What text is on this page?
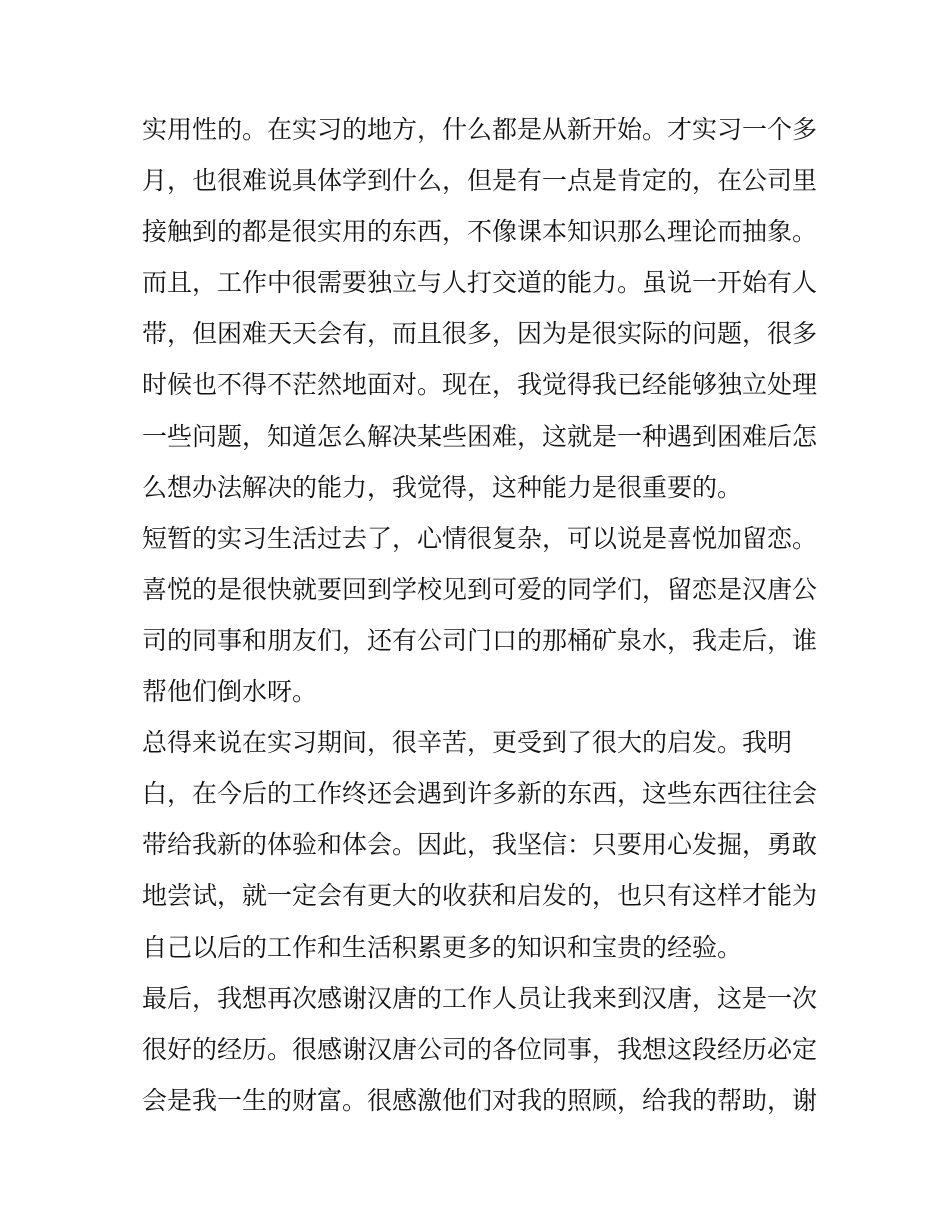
实用性的。在实习的地方，什么都是从新开始。才实习一个多
月，也很难说具体学到什么，但是有一点是肯定的，在公司里
接触到的都是很实用的东西，不像课本知识那么理论而抽象。
而且，工作中很需要独立与人打交道的能力。虽说一开始有人
带，但困难天天会有，而且很多，因为是很实际的问题，很多
时候也不得不茫然地面对。现在，我觉得我已经能够独立处理
一些问题，知道怎么解决某些困难，这就是一种遇到困难后怎
么想办法解决的能力，我觉得，这种能力是很重要的。
短暂的实习生活过去了，心情很复杂，可以说是喜悦加留恋。
喜悦的是很快就要回到学校见到可爱的同学们，留恋是汉唐公
司的同事和朋友们，还有公司门口的那桶矿泉水，我走后，谁
帮他们倒水呀。
总得来说在实习期间，很辛苦，更受到了很大的启发。我明
白，在今后的工作终还会遇到许多新的东西，这些东西往往会
带给我新的体验和体会。因此，我坚信：只要用心发掘，勇敢
地尝试，就一定会有更大的收获和启发的，也只有这样才能为
自己以后的工作和生活积累更多的知识和宝贵的经验。
最后，我想再次感谢汉唐的工作人员让我来到汉唐，这是一次
很好的经历。很感谢汉唐公司的各位同事，我想这段经历必定
会是我一生的财富。很感激他们对我的照顾，给我的帮助，谢
